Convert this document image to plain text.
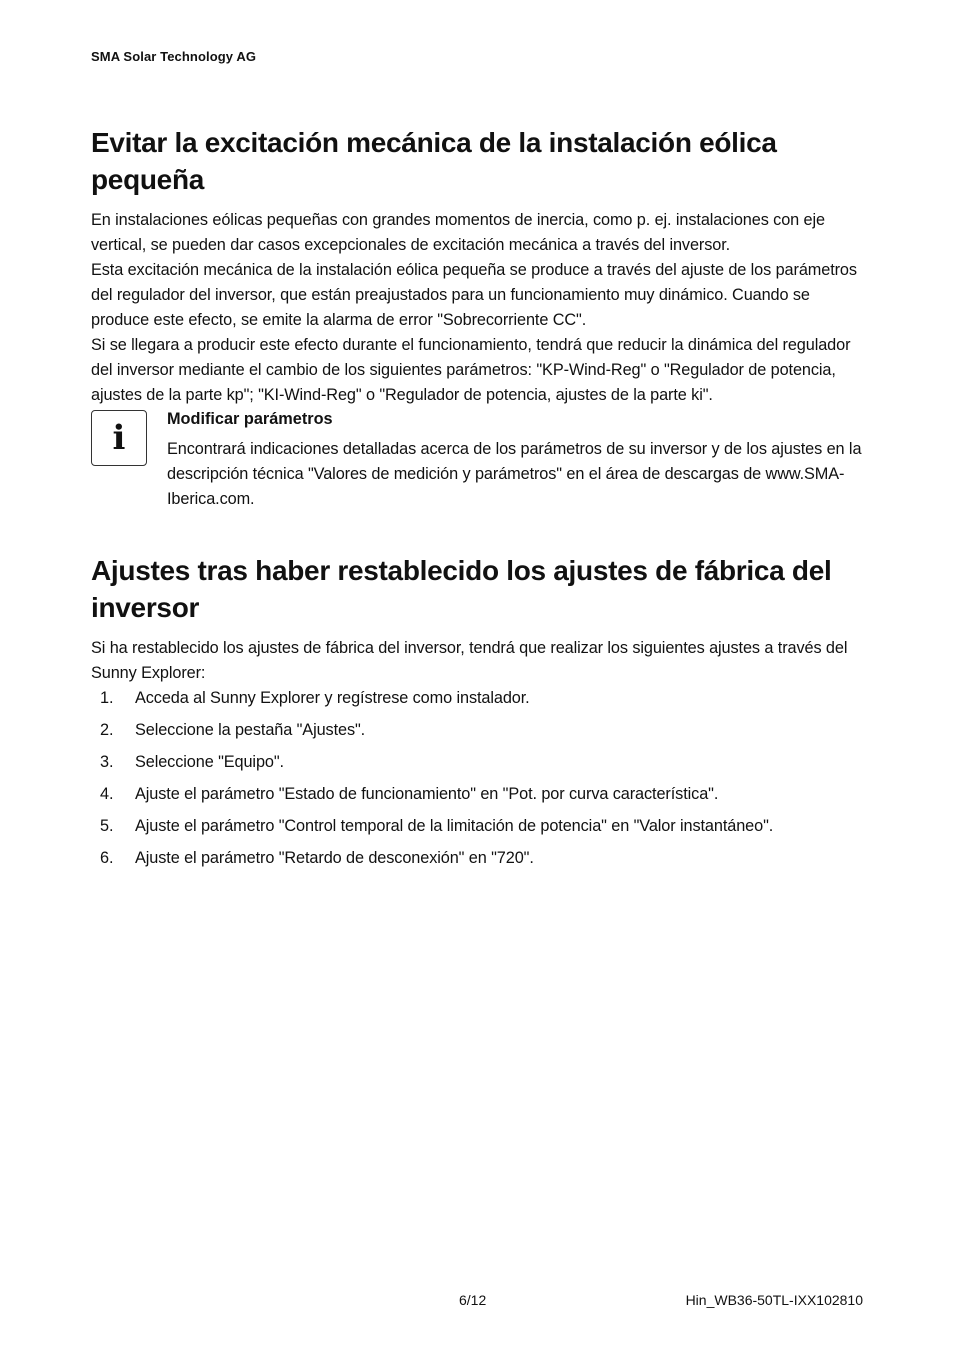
SMA Solar Technology AG
Evitar la excitación mecánica de la instalación eólica pequeña

En instalaciones eólicas pequeñas con grandes momentos de inercia, como p. ej. instalaciones con eje vertical, se pueden dar casos excepcionales de excitación mecánica a través del inversor.

Esta excitación mecánica de la instalación eólica pequeña se produce a través del ajuste de los parámetros del regulador del inversor, que están preajustados para un funcionamiento muy dinámico. Cuando se produce este efecto, se emite la alarma de error "Sobrecorriente CC".

Si se llegara a producir este efecto durante el funcionamiento, tendrá que reducir la dinámica del regulador del inversor mediante el cambio de los siguientes parámetros: "KP-Wind-Reg" o "Regulador de potencia, ajustes de la parte kp"; "KI-Wind-Reg" o "Regulador de potencia, ajustes de la parte ki".

i	Modificar parámetros

Encontrará indicaciones detalladas acerca de los parámetros de su inversor y de los ajustes en la descripción técnica "Valores de medición y parámetros" en el área de descargas de www.SMA-Iberica.com.

Ajustes tras haber restablecido los ajustes de fábrica del inversor

Si ha restablecido los ajustes de fábrica del inversor, tendrá que realizar los siguientes ajustes a través del Sunny Explorer:

1. Acceda al Sunny Explorer y regístrese como instalador.
2. Seleccione la pestaña "Ajustes".
3. Seleccione "Equipo".
4. Ajuste el parámetro "Estado de funcionamiento" en "Pot. por curva característica".
5. Ajuste el parámetro "Control temporal de la limitación de potencia" en "Valor instantáneo".
6. Ajuste el parámetro "Retardo de desconexión" en "720".
6/12	Hin_WB36-50TL-IXX102810
